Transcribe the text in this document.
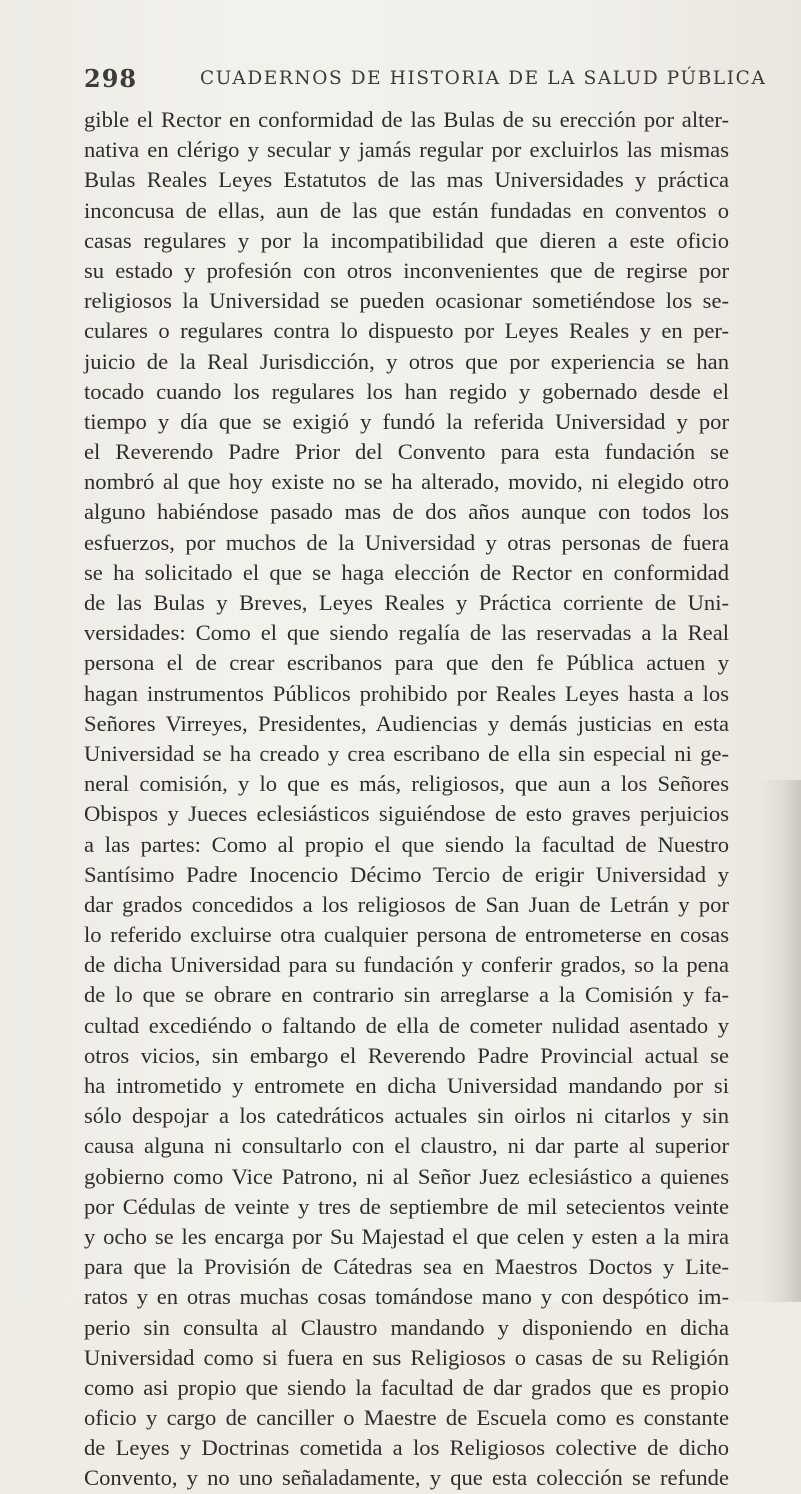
298	CUADERNOS DE HISTORIA DE LA SALUD PÚBLICA
gible el Rector en conformidad de las Bulas de su erección por alter-
nativa en clérigo y secular y jamás regular por excluirlos las mismas
Bulas Reales Leyes Estatutos de las mas Universidades y práctica
inconcusa de ellas, aun de las que están fundadas en conventos o
casas regulares y por la incompatibilidad que dieren a este oficio
su estado y profesión con otros inconvenientes que de regirse por
religiosos la Universidad se pueden ocasionar sometiéndose los se-
culares o regulares contra lo dispuesto por Leyes Reales y en per-
juicio de la Real Jurisdicción, y otros que por experiencia se han
tocado cuando los regulares los han regido y gobernado desde el
tiempo y día que se exigió y fundó la referida Universidad y por
el Reverendo Padre Prior del Convento para esta fundación se
nombró al que hoy existe no se ha alterado, movido, ni elegido otro
alguno habiéndose pasado mas de dos años aunque con todos los
esfuerzos, por muchos de la Universidad y otras personas de fuera
se ha solicitado el que se haga elección de Rector en conformidad
de las Bulas y Breves, Leyes Reales y Práctica corriente de Uni-
versidades: Como el que siendo regalía de las reservadas a la Real
persona el de crear escribanos para que den fe Pública actuen y
hagan instrumentos Públicos prohibido por Reales Leyes hasta a los
Señores Virreyes, Presidentes, Audiencias y demás justicias en esta
Universidad se ha creado y crea escribano de ella sin especial ni ge-
neral comisión, y lo que es más, religiosos, que aun a los Señores
Obispos y Jueces eclesiásticos siguiéndose de esto graves perjuicios
a las partes: Como al propio el que siendo la facultad de Nuestro
Santísimo Padre Inocencio Décimo Tercio de erigir Universidad y
dar grados concedidos a los religiosos de San Juan de Letrán y por
lo referido excluirse otra cualquier persona de entrometerse en cosas
de dicha Universidad para su fundación y conferir grados, so la pena
de lo que se obrare en contrario sin arreglarse a la Comisión y fa-
cultad excediéndo o faltando de ella de cometer nulidad asentado y
otros vicios, sin embargo el Reverendo Padre Provincial actual se
ha intrometido y entromete en dicha Universidad mandando por si
sólo despojar a los catedráticos actuales sin oirlos ni citarlos y sin
causa alguna ni consultarlo con el claustro, ni dar parte al superior
gobierno como Vice Patrono, ni al Señor Juez eclesiástico a quienes
por Cédulas de veinte y tres de septiembre de mil setecientos veinte
y ocho se les encarga por Su Majestad el que celen y esten a la mira
para que la Provisión de Cátedras sea en Maestros Doctos y Lite-
ratos y en otras muchas cosas tomándose mano y con despótico im-
perio sin consulta al Claustro mandando y disponiendo en dicha
Universidad como si fuera en sus Religiosos o casas de su Religión
como asi propio que siendo la facultad de dar grados que es propio
oficio y cargo de canciller o Maestre de Escuela como es constante
de Leyes y Doctrinas cometida a los Religiosos colective de dicho
Convento, y no uno señaladamente, y que esta colección se refunde
